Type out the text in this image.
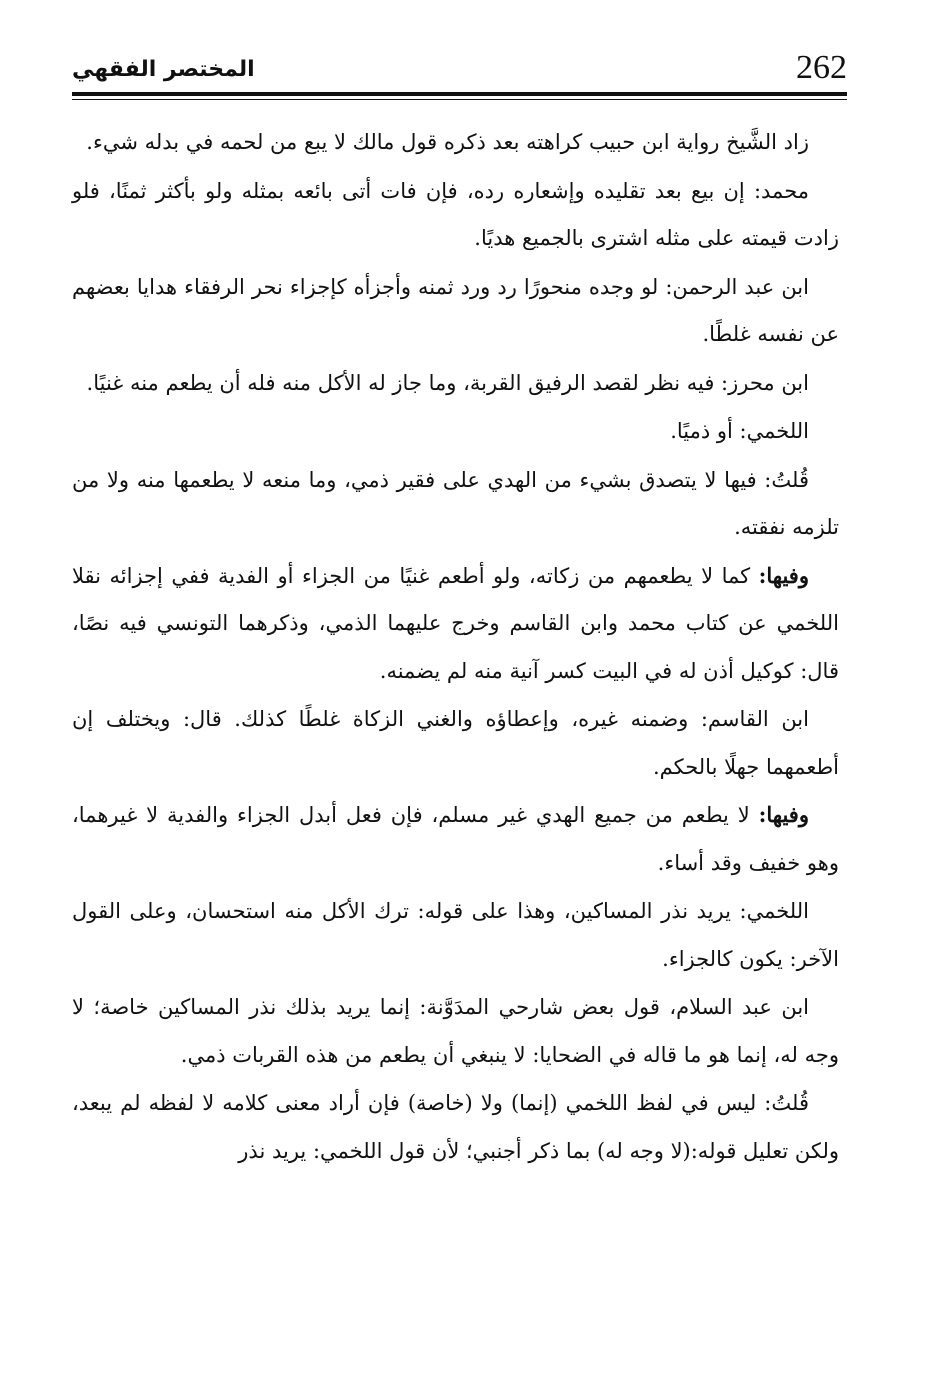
المختصر الفقهي	262

زاد الشَّيخ رواية ابن حبيب كراهته بعد ذكره قول مالك لا يبع من لحمه في بدله شيء.

محمد: إن بيع بعد تقليده وإشعاره رده، فإن فات أتى بائعه بمثله ولو بأكثر ثمنًا، فلو زادت قيمته على مثله اشترى بالجميع هديًا.

ابن عبد الرحمن: لو وجده منحورًا رد ورد ثمنه وأجزأه كإجزاء نحر الرفقاء هدايا بعضهم عن نفسه غلطًا.

ابن محرز: فيه نظر لقصد الرفيق القربة، وما جاز له الأكل منه فله أن يطعم منه غنيًا.

اللخمي: أو ذميًا.

قُلتُ: فيها لا يتصدق بشيء من الهدي على فقير ذمي، وما منعه لا يطعمها منه ولا من تلزمه نفقته.

وفيها: كما لا يطعمهم من زكاته، ولو أطعم غنيًا من الجزاء أو الفدية ففي إجزائه نقلا اللخمي عن كتاب محمد وابن القاسم وخرج عليهما الذمي، وذكرهما التونسي فيه نصًا، قال: كوكيل أذن له في البيت كسر آنية منه لم يضمنه.

ابن القاسم: وضمنه غيره، وإعطاؤه والغني الزكاة غلطًا كذلك. قال: ويختلف إن أطعمهما جهلًا بالحكم.

وفيها: لا يطعم من جميع الهدي غير مسلم، فإن فعل أبدل الجزاء والفدية لا غيرهما، وهو خفيف وقد أساء.

اللخمي: يريد نذر المساكين، وهذا على قوله: ترك الأكل منه استحسان، وعلى القول الآخر: يكون كالجزاء.

ابن عبد السلام، قول بعض شارحي المدَوَّنة: إنما يريد بذلك نذر المساكين خاصة؛ لا وجه له، إنما هو ما قاله في الضحايا: لا ينبغي أن يطعم من هذه القربات ذمي.

قُلتُ: ليس في لفظ اللخمي (إنما) ولا (خاصة) فإن أراد معنى كلامه لا لفظه لم يبعد، ولكن تعليل قوله:(لا وجه له) بما ذكر أجنبي؛ لأن قول اللخمي: يريد نذر
